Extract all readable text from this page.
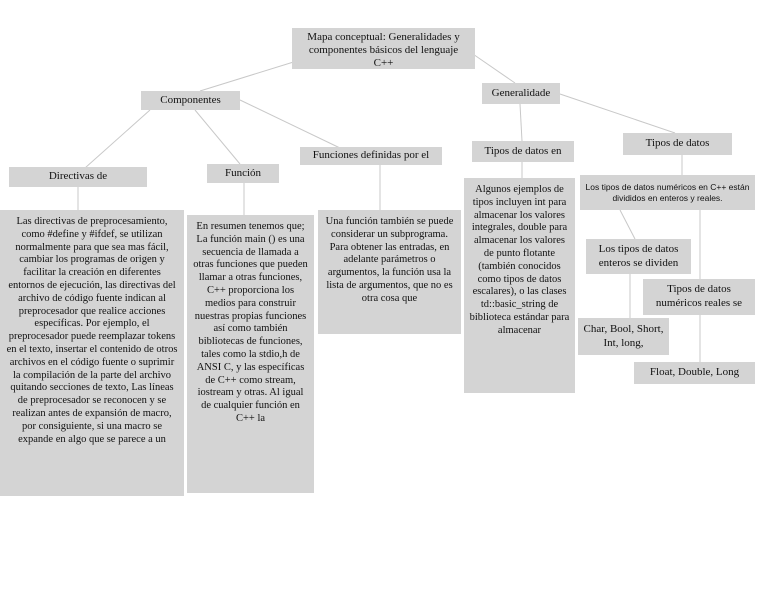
Mapa conceptual: Generalidades y componentes básicos del lenguaje C++
Componentes
Generalidade
Directivas de	Función
Funciones definidas por el	Tipos de datos en
Tipos de datos
Las directivas de preprocesamiento, como #define y #ifdef, se utilizan normalmente para que sea mas fácil, cambiar los programas de origen y facilitar la creación en diferentes entornos de ejecución, las directivas del archivo de código fuente indican al preprocesador que realice acciones específicas. Por ejemplo, el preprocesador puede reemplazar tokens en el texto, insertar el contenido de otros archivos en el código fuente o suprimir la compilación de la parte del archivo quitando secciones de texto, Las líneas de preprocesador se reconocen y se realizan antes de expansión de macro, por consiguiente, si una macro se expande en algo que se parece a un
En resumen tenemos que; La función main () es una secuencia de llamada a otras funciones que pueden llamar a otras funciones, C++ proporciona los medios para construir nuestras propias funciones así como también bibliotecas de funciones, tales como la stdio,h de ANSI C, y las específicas de C++ como stream, iostream y otras. Al igual de cualquier función en C++ la
Una función también se puede considerar un subprograma. Para obtener las entradas, en adelante parámetros o argumentos, la función usa la lista de argumentos, que no es otra cosa que
Algunos ejemplos de tipos incluyen int para almacenar los valores integrales, double para almacenar los valores de punto flotante (también conocidos como tipos de datos escalares), o las clases td::basic_string de biblioteca estándar para almacenar
Los tipos de datos numéricos en C++ están divididos en enteros y reales.
Los tipos de datos enteros se dividen
Tipos de datos numéricos reales se
Char, Bool, Short, Int, long,
Float, Double, Long
